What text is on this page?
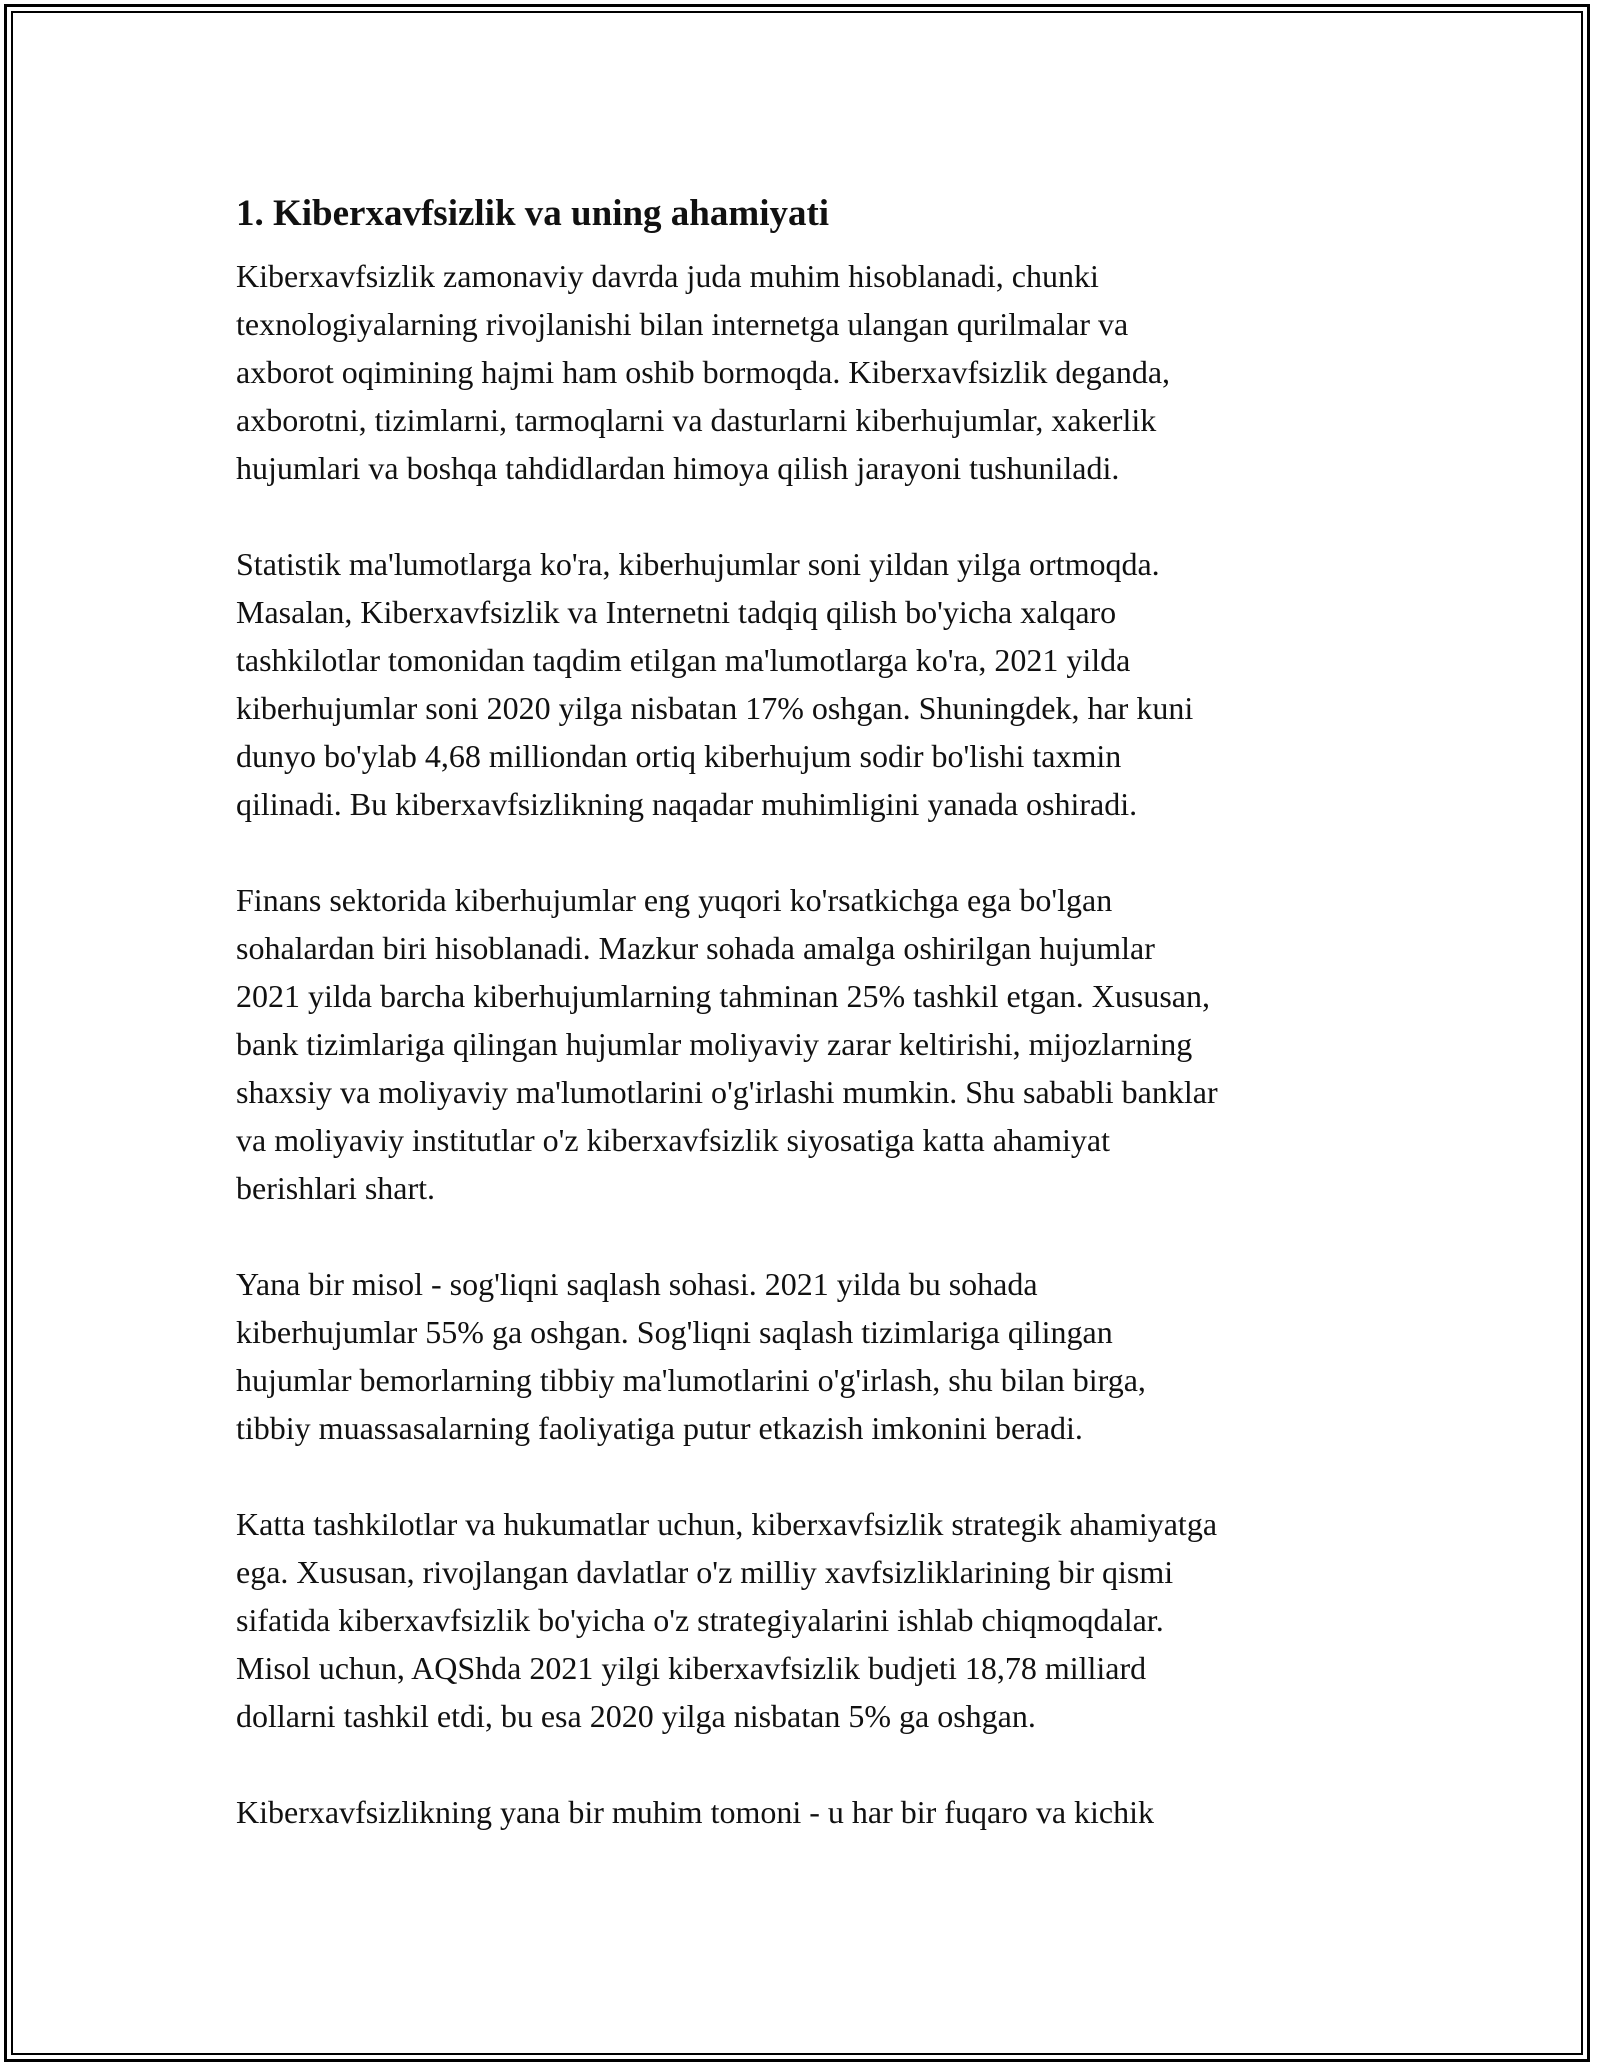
1. Kiberxavfsizlik va uning ahamiyati

Kiberxavfsizlik zamonaviy davrda juda muhim hisoblanadi, chunki
texnologiyalarning rivojlanishi bilan internetga ulangan qurilmalar va
axborot oqimining hajmi ham oshib bormoqda. Kiberxavfsizlik deganda,
axborotni, tizimlarni, tarmoqlarni va dasturlarni kiberhujumlar, xakerlik
hujumlari va boshqa tahdidlardan himoya qilish jarayoni tushuniladi.

Statistik ma'lumotlarga ko'ra, kiberhujumlar soni yildan yilga ortmoqda.
Masalan, Kiberxavfsizlik va Internetni tadqiq qilish bo'yicha xalqaro
tashkilotlar tomonidan taqdim etilgan ma'lumotlarga ko'ra, 2021 yilda
kiberhujumlar soni 2020 yilga nisbatan 17% oshgan. Shuningdek, har kuni
dunyo bo'ylab 4,68 milliondan ortiq kiberhujum sodir bo'lishi taxmin
qilinadi. Bu kiberxavfsizlikning naqadar muhimligini yanada oshiradi.

Finans sektorida kiberhujumlar eng yuqori ko'rsatkichga ega bo'lgan
sohalardan biri hisoblanadi. Mazkur sohada amalga oshirilgan hujumlar
2021 yilda barcha kiberhujumlarning tahminan 25% tashkil etgan. Xususan,
bank tizimlariga qilingan hujumlar moliyaviy zarar keltirishi, mijozlarning
shaxsiy va moliyaviy ma'lumotlarini o'g'irlashi mumkin. Shu sababli banklar
va moliyaviy institutlar o'z kiberxavfsizlik siyosatiga katta ahamiyat
berishlari shart.

Yana bir misol - sog'liqni saqlash sohasi. 2021 yilda bu sohada
kiberhujumlar 55% ga oshgan. Sog'liqni saqlash tizimlariga qilingan
hujumlar bemorlarning tibbiy ma'lumotlarini o'g'irlash, shu bilan birga,
tibbiy muassasalarning faoliyatiga putur etkazish imkonini beradi.

Katta tashkilotlar va hukumatlar uchun, kiberxavfsizlik strategik ahamiyatga
ega. Xususan, rivojlangan davlatlar o'z milliy xavfsizliklarining bir qismi
sifatida kiberxavfsizlik bo'yicha o'z strategiyalarini ishlab chiqmoqdalar.
Misol uchun, AQShda 2021 yilgi kiberxavfsizlik budjeti 18,78 milliard
dollarni tashkil etdi, bu esa 2020 yilga nisbatan 5% ga oshgan.

Kiberxavfsizlikning yana bir muhim tomoni - u har bir fuqaro va kichik
